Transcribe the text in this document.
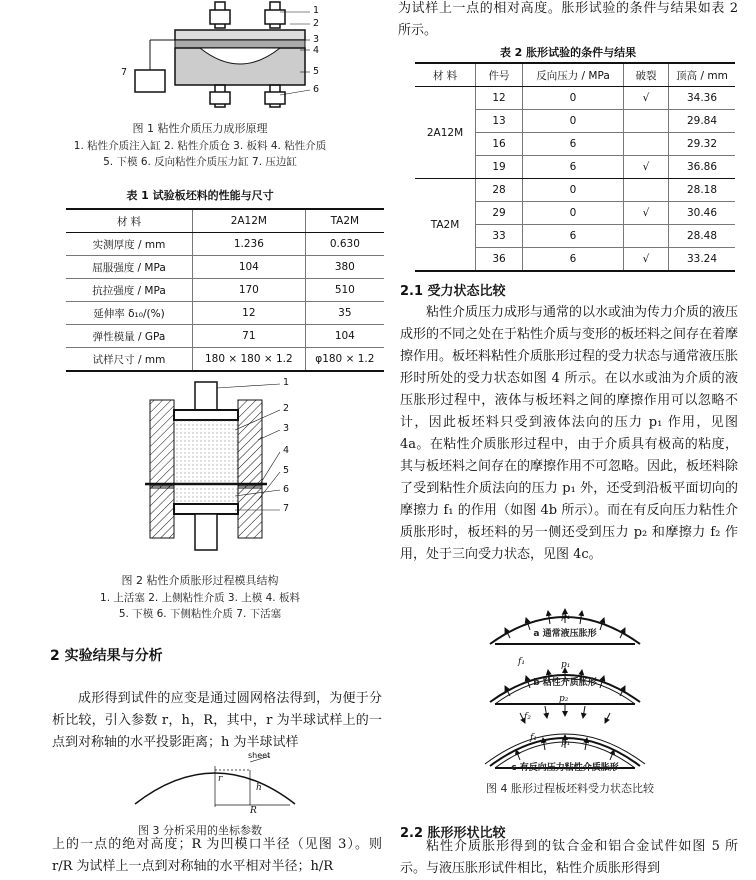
1
2
3
4
5
6
7
图 1 粘性介质压力成形原理
1. 粘性介质注入缸 2. 粘性介质仓 3. 板料 4. 粘性介质
5. 下模 6. 反向粘性介质压力缸 7. 压边缸
表 1 试验板坯料的性能与尺寸
材 料	2A12M	TA2M
实测厚度 / mm	1.236	0.630
屈服强度 / MPa	104	380
抗拉强度 / MPa	170	510
延伸率 δ₁₀/(%)	12	35
弹性模量 / GPa	71	104
试样尺寸 / mm	180 × 180 × 1.2	φ180 × 1.2
1
2
3
4
5
6
7
图 2 粘性介质胀形过程模具结构
1. 上活塞 2. 上侧粘性介质 3. 上模 4. 板料
5. 下模 6. 下侧粘性介质 7. 下活塞
2 实验结果与分析
成形得到试件的应变是通过圆网格法得到，为便于分析比较，引入参数 r，h，R，其中，r 为半球试样上的一点到对称轴的水平投影距离；h 为半球试样
sheet
r
h
R
图 3 分析采用的坐标参数
上的一点的绝对高度；R 为凹模口半径（见图 3）。则 r/R 为试样上一点到对称轴的水平相对半径；h/R
为试样上一点的相对高度。胀形试验的条件与结果如表 2 所示。
表 2 胀形试验的条件与结果
材 料	件号	反向压力 / MPa	破裂	顶高 / mm
2A12M	12	0	√	34.36
	13	0		29.84
	16	6		29.32
	19	6	√	36.86
TA2M	28	0		28.18
	29	0	√	30.46
	33	6		28.48
	36	6	√	33.24
2.1 受力状态比较
粘性介质压力成形与通常的以水或油为传力介质的液压成形的不同之处在于粘性介质与变形的板坯料之间存在着摩擦作用。板坯料粘性介质胀形过程的受力状态与通常液压胀形时所处的受力状态如图 4 所示。在以水或油为介质的液压胀形过程中，液体与板坯料之间的摩擦作用可以忽略不计，因此板坯料只受到液体法向的压力 p₁ 作用，见图 4a。在粘性介质胀形过程中，由于介质具有极高的粘度，其与板坯料之间存在的摩擦作用不可忽略。因此，板坯料除了受到粘性介质法向的压力 p₁ 外，还受到沿板平面切向的摩擦力 f₁ 的作用（如图 4b 所示）。而在有反向压力粘性介质胀形时，板坯料的另一侧还受到压力 p₂ 和摩擦力 f₂ 作用，处于三向受力状态，见图 4c。
p₁
a 通常液压胀形
f₁	p₁
b 粘性介质胀形
p₂
f₂
f₁	p₁
c 有反向压力粘性介质胀形
图 4 胀形过程板坯料受力状态比较
2.2 胀形形状比较
粘性介质胀形得到的钛合金和铝合金试件如图 5 所示。与液压胀形试件相比，粘性介质胀形得到
